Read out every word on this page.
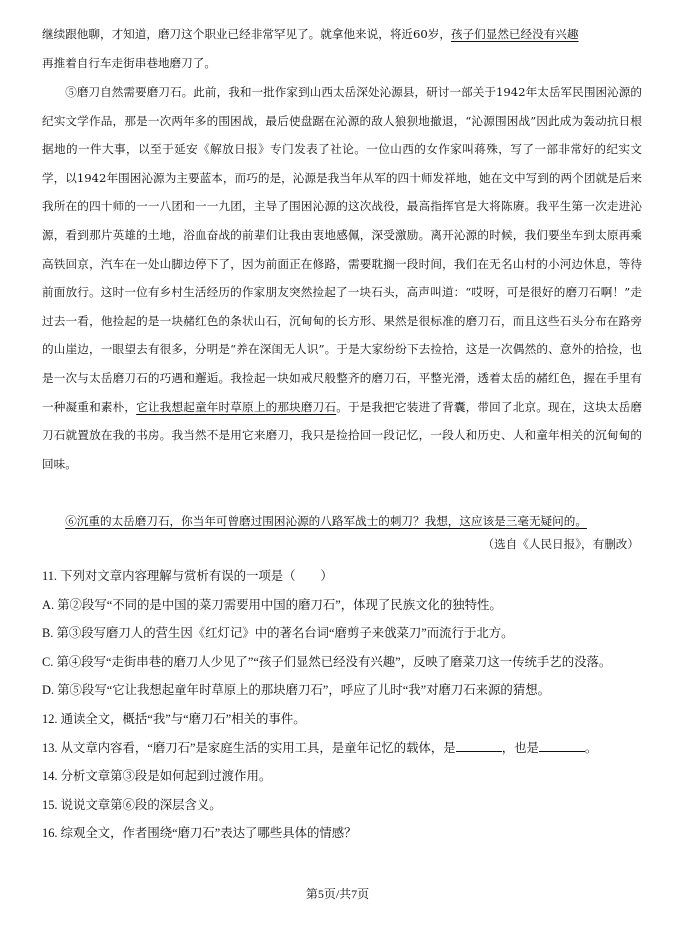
继续跟他聊，才知道，磨刀这个职业已经非常罕见了。就拿他来说，将近60岁，孩子们显然已经没有兴趣

再推着自行车走街串巷地磨刀了。

⑤磨刀自然需要磨刀石。此前，我和一批作家到山西太岳深处沁源县，研讨一部关于1942年太岳军民围困沁源的纪实文学作品，那是一次两年多的围困战，最后使盘踞在沁源的敌人狼狈地撤退，“沁源围困战”因此成为轰动抗日根据地的一件大事，以至于延安《解放日报》专门发表了社论。一位山西的女作家叫蒋殊，写了一部非常好的纪实文学，以1942年围困沁源为主要蓝本，而巧的是，沁源是我当年从军的四十师发祥地，她在文中写到的两个团就是后来我所在的四十师的一一八团和一一九团，主导了围困沁源的这次战役，最高指挥官是大将陈赓。我平生第一次走进沁源，看到那片英雄的土地，浴血奋战的前辈们让我由衷地感佩，深受激励。离开沁源的时候，我们要坐车到太原再乘高铁回京，汽车在一处山脚边停下了，因为前面正在修路，需要耽搁一段时间，我们在无名山村的小河边休息，等待前面放行。这时一位有乡村生活经历的作家朋友突然捡起了一块石头，高声叫道：“哎呀，可是很好的磨刀石啊！”走过去一看，他捡起的是一块赭红色的条状山石，沉甸甸的长方形、果然是很标准的磨刀石，而且这些石头分布在路旁的山崖边，一眼望去有很多，分明是“养在深闺无人识”。于是大家纷纷下去捡拾，这是一次偶然的、意外的拾捡，也是一次与太岳磨刀石的巧遇和邂逅。我捡起一块如戒尺般整齐的磨刀石，平整光滑，透着太岳的赭红色，握在手里有一种凝重和素朴，它让我想起童年时草原上的那块磨刀石。于是我把它装进了背囊，带回了北京。现在，这块太岳磨刀石就置放在我的书房。我当然不是用它来磨刀，我只是捡拾回一段记忆，一段人和历史、人和童年相关的沉甸甸的回味。

⑥沉重的太岳磨刀石，你当年可曾磨过围困沁源的八路军战士的刺刀？我想，这应该是三毫无疑问的。

（选自《人民日报》，有删改）

11. 下列对文章内容理解与赏析有误的一项是（　　）

A. 第②段写“不同的是中国的菜刀需要用中国的磨刀石”，体现了民族文化的独特性。

B. 第③段写磨刀人的营生因《红灯记》中的著名台词“磨剪子来戗菜刀”而流行于北方。

C. 第④段写“走街串巷的磨刀人少见了”“孩子们显然已经没有兴趣”，反映了磨菜刀这一传统手艺的没落。

D. 第⑤段写“它让我想起童年时草原上的那块磨刀石”，呼应了儿时“我”对磨刀石来源的猜想。

12. 通读全文，概括“我”与“磨刀石”相关的事件。

13. 从文章内容看，“磨刀石”是家庭生活的实用工具，是童年记忆的载体，是	，也是	。

14. 分析文章第③段是如何起到过渡作用。

15. 说说文章第⑥段的深层含义。

16. 综观全文，作者围绕“磨刀石”表达了哪些具体的情感？

第5页/共7页
